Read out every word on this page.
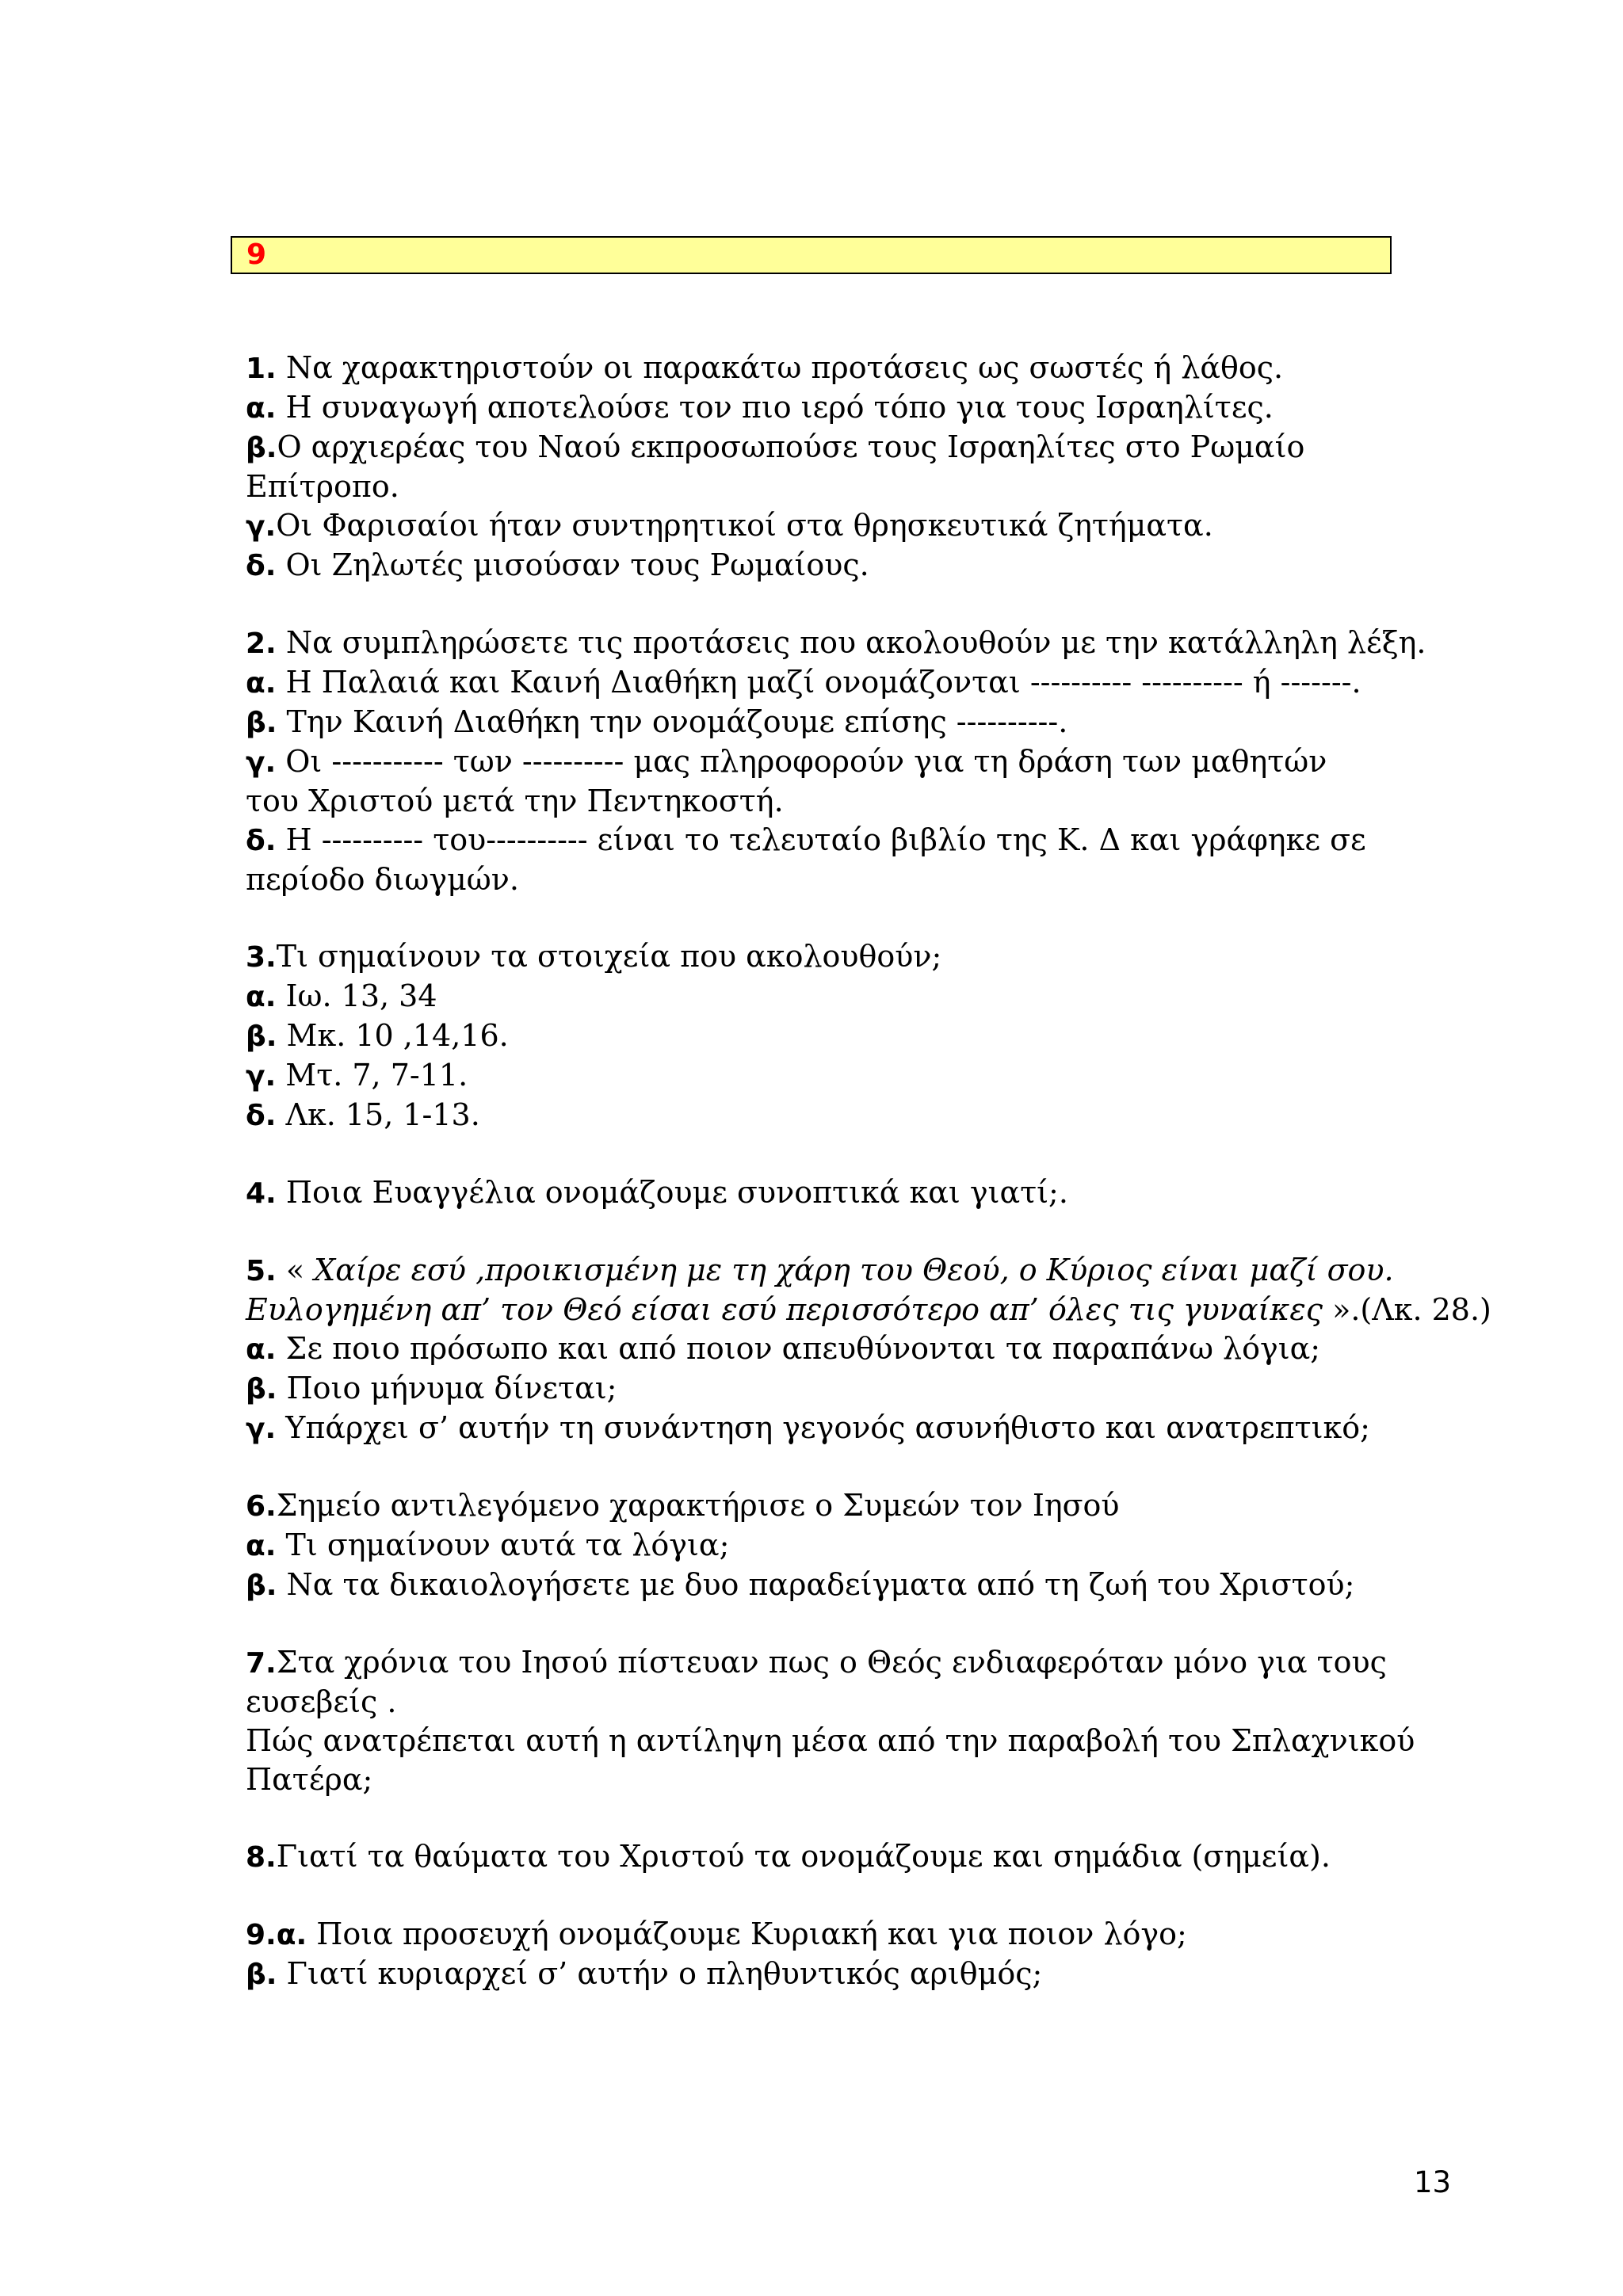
9
1. Να χαρακτηριστούν οι παρακάτω προτάσεις ως σωστές ή λάθος.
α. Η συναγωγή αποτελούσε τον πιο ιερό τόπο για τους Ισραηλίτες.
β.Ο αρχιερέας του Ναού εκπροσωπούσε τους Ισραηλίτες στο Ρωμαίο
Επίτροπο.
γ.Οι Φαρισαίοι ήταν συντηρητικοί στα θρησκευτικά ζητήματα.
δ. Οι Ζηλωτές μισούσαν τους Ρωμαίους.
2. Να συμπληρώσετε τις προτάσεις που ακολουθούν με την κατάλληλη λέξη.
α. Η Παλαιά και Καινή Διαθήκη μαζί ονομάζονται ---------- ---------- ή -------.
β. Την Καινή Διαθήκη την ονομάζουμε επίσης ----------.
γ. Οι ----------- των ---------- μας πληροφορούν για τη δράση των μαθητών
του Χριστού μετά την Πεντηκοστή.
δ. Η ---------- του---------- είναι το τελευταίο βιβλίο της Κ. Δ και γράφηκε σε
περίοδο διωγμών.
3.Τι σημαίνουν τα στοιχεία που ακολουθούν;
α. Ιω. 13, 34
β. Μκ. 10 ,14,16.
γ. Μτ. 7, 7-11.
δ. Λκ. 15, 1-13.
4. Ποια Ευαγγέλια ονομάζουμε συνοπτικά και γιατί;.
5. « Χαίρε εσύ ,προικισμένη με τη χάρη του Θεού, ο Κύριος είναι μαζί σου.
Ευλογημένη απ’ τον Θεό είσαι εσύ περισσότερο απ’ όλες τις γυναίκες ».(Λκ. 28.)
α. Σε ποιο πρόσωπο και από ποιον απευθύνονται τα παραπάνω λόγια;
β. Ποιο μήνυμα δίνεται;
γ. Υπάρχει σ’ αυτήν τη συνάντηση γεγονός ασυνήθιστο και ανατρεπτικό;
6.Σημείο αντιλεγόμενο χαρακτήρισε ο Συμεών τον Ιησού
α. Τι σημαίνουν αυτά τα λόγια;
β. Να τα δικαιολογήσετε με δυο παραδείγματα από τη ζωή του Χριστού;
7.Στα χρόνια του Ιησού πίστευαν πως ο Θεός ενδιαφερόταν μόνο για τους
ευσεβείς .
Πώς ανατρέπεται αυτή η αντίληψη μέσα από την παραβολή του Σπλαχνικού
Πατέρα;
8.Γιατί τα θαύματα του Χριστού τα ονομάζουμε και σημάδια (σημεία).
9.α. Ποια προσευχή ονομάζουμε Κυριακή και για ποιον λόγο;
β. Γιατί κυριαρχεί σ’ αυτήν ο πληθυντικός αριθμός;
13
